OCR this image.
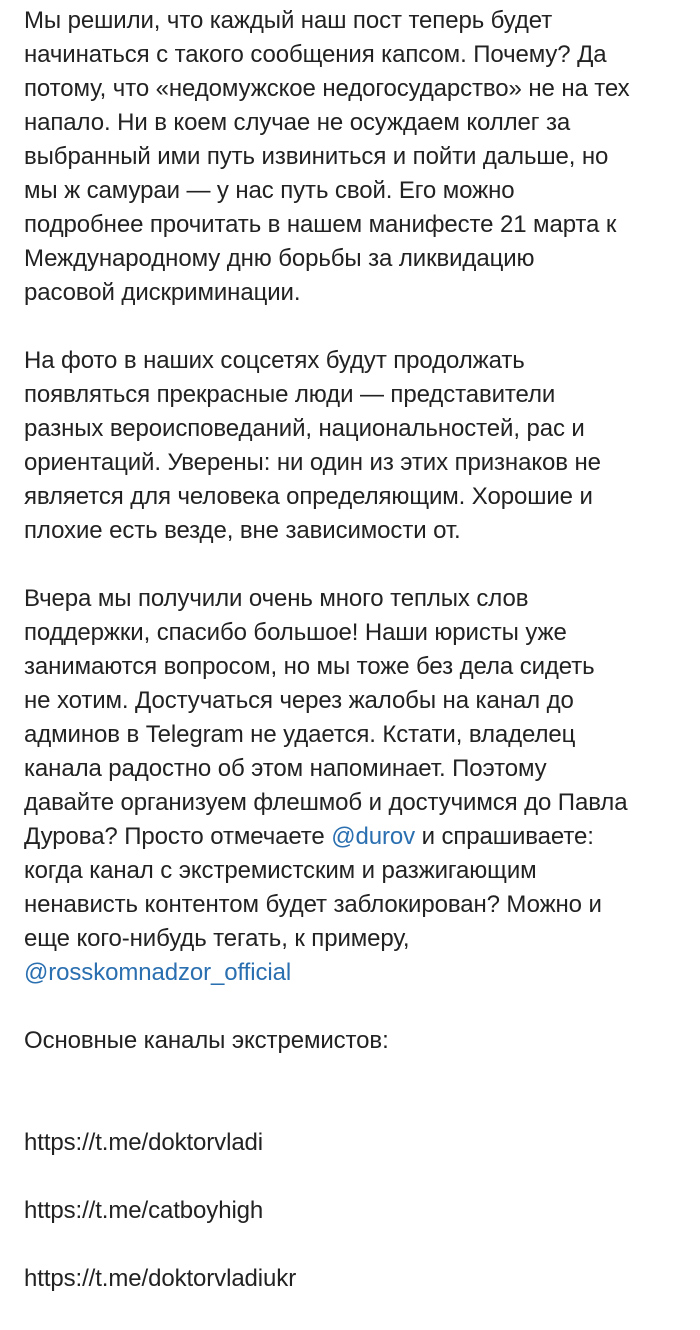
Мы решили, что каждый наш пост теперь будет
начинаться с такого сообщения капсом. Почему? Да
потому, что «недомужское недогосударство» не на тех
напало. Ни в коем случае не осуждаем коллег за
выбранный ими путь извиниться и пойти дальше, но
мы ж самураи — у нас путь свой. Его можно
подробнее прочитать в нашем манифесте 21 марта к
Международному дню борьбы за ликвидацию
расовой дискриминации.

На фото в наших соцсетях будут продолжать
появляться прекрасные люди — представители
разных вероисповеданий, национальностей, рас и
ориентаций. Уверены: ни один из этих признаков не
является для человека определяющим. Хорошие и
плохие есть везде, вне зависимости от.

Вчера мы получили очень много теплых слов
поддержки, спасибо большое! Наши юристы уже
занимаются вопросом, но мы тоже без дела сидеть
не хотим. Достучаться через жалобы на канал до
админов в Telegram не удается. Кстати, владелец
канала радостно об этом напоминает. Поэтому
давайте организуем флешмоб и достучимся до Павла
Дурова? Просто отмечаете @durov и спрашиваете:
когда канал с экстремистским и разжигающим
ненависть контентом будет заблокирован? Можно и
еще кого-нибудь тегать, к примеру,
@rosskomnadzor_official

Основные каналы экстремистов:

https://t.me/doktorvladi

https://t.me/catboyhigh

https://t.me/doktorvladiukr
